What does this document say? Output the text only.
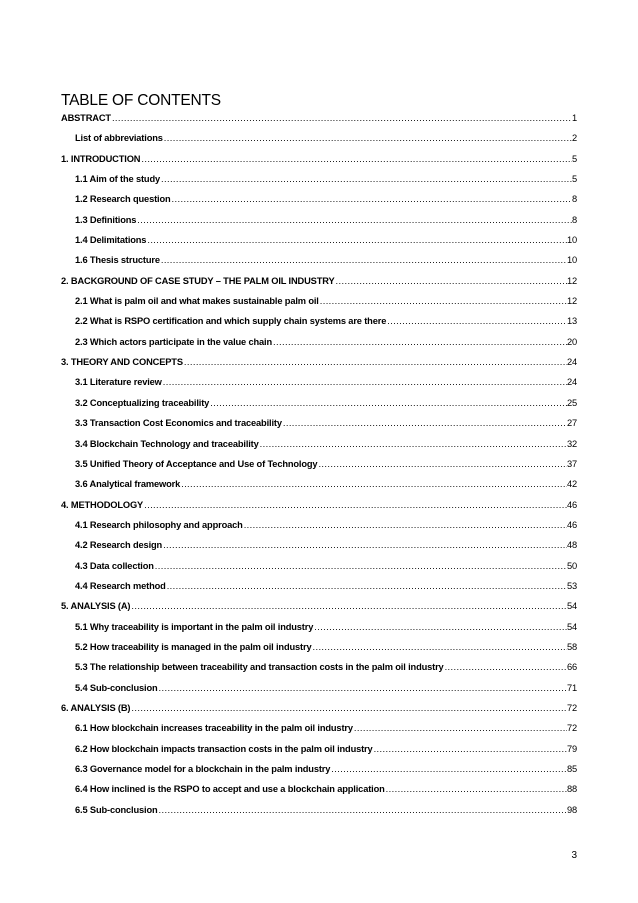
TABLE OF CONTENTS
ABSTRACT .....	1
List of abbreviations .....	2
1. INTRODUCTION .....	5
1.1 Aim of the study .....	5
1.2 Research question .....	8
1.3 Definitions .....	8
1.4 Delimitations .....	10
1.6 Thesis structure .....	10
2. BACKGROUND OF CASE STUDY – THE PALM OIL INDUSTRY .....	12
2.1 What is palm oil and what makes sustainable palm oil .....	12
2.2 What is RSPO certification and which supply chain systems are there .....	13
2.3 Which actors participate in the value chain .....	20
3. THEORY AND CONCEPTS .....	24
3.1 Literature review .....	24
3.2 Conceptualizing traceability .....	25
3.3 Transaction Cost Economics and traceability .....	27
3.4 Blockchain Technology and traceability .....	32
3.5 Unified Theory of Acceptance and Use of Technology .....	37
3.6 Analytical framework .....	42
4. METHODOLOGY .....	46
4.1 Research philosophy and approach .....	46
4.2 Research design .....	48
4.3 Data collection .....	50
4.4 Research method .....	53
5. ANALYSIS (A) .....	54
5.1 Why traceability is important in the palm oil industry .....	54
5.2 How traceability is managed in the palm oil industry .....	58
5.3 The relationship between traceability and transaction costs in the palm oil industry .....	66
5.4 Sub-conclusion .....	71
6. ANALYSIS (B) .....	72
6.1 How blockchain increases traceability in the palm oil industry .....	72
6.2 How blockchain impacts transaction costs in the palm oil industry .....	79
6.3 Governance model for a blockchain in the palm industry .....	85
6.4 How inclined is the RSPO to accept and use a blockchain application .....	88
6.5 Sub-conclusion .....	98
3
